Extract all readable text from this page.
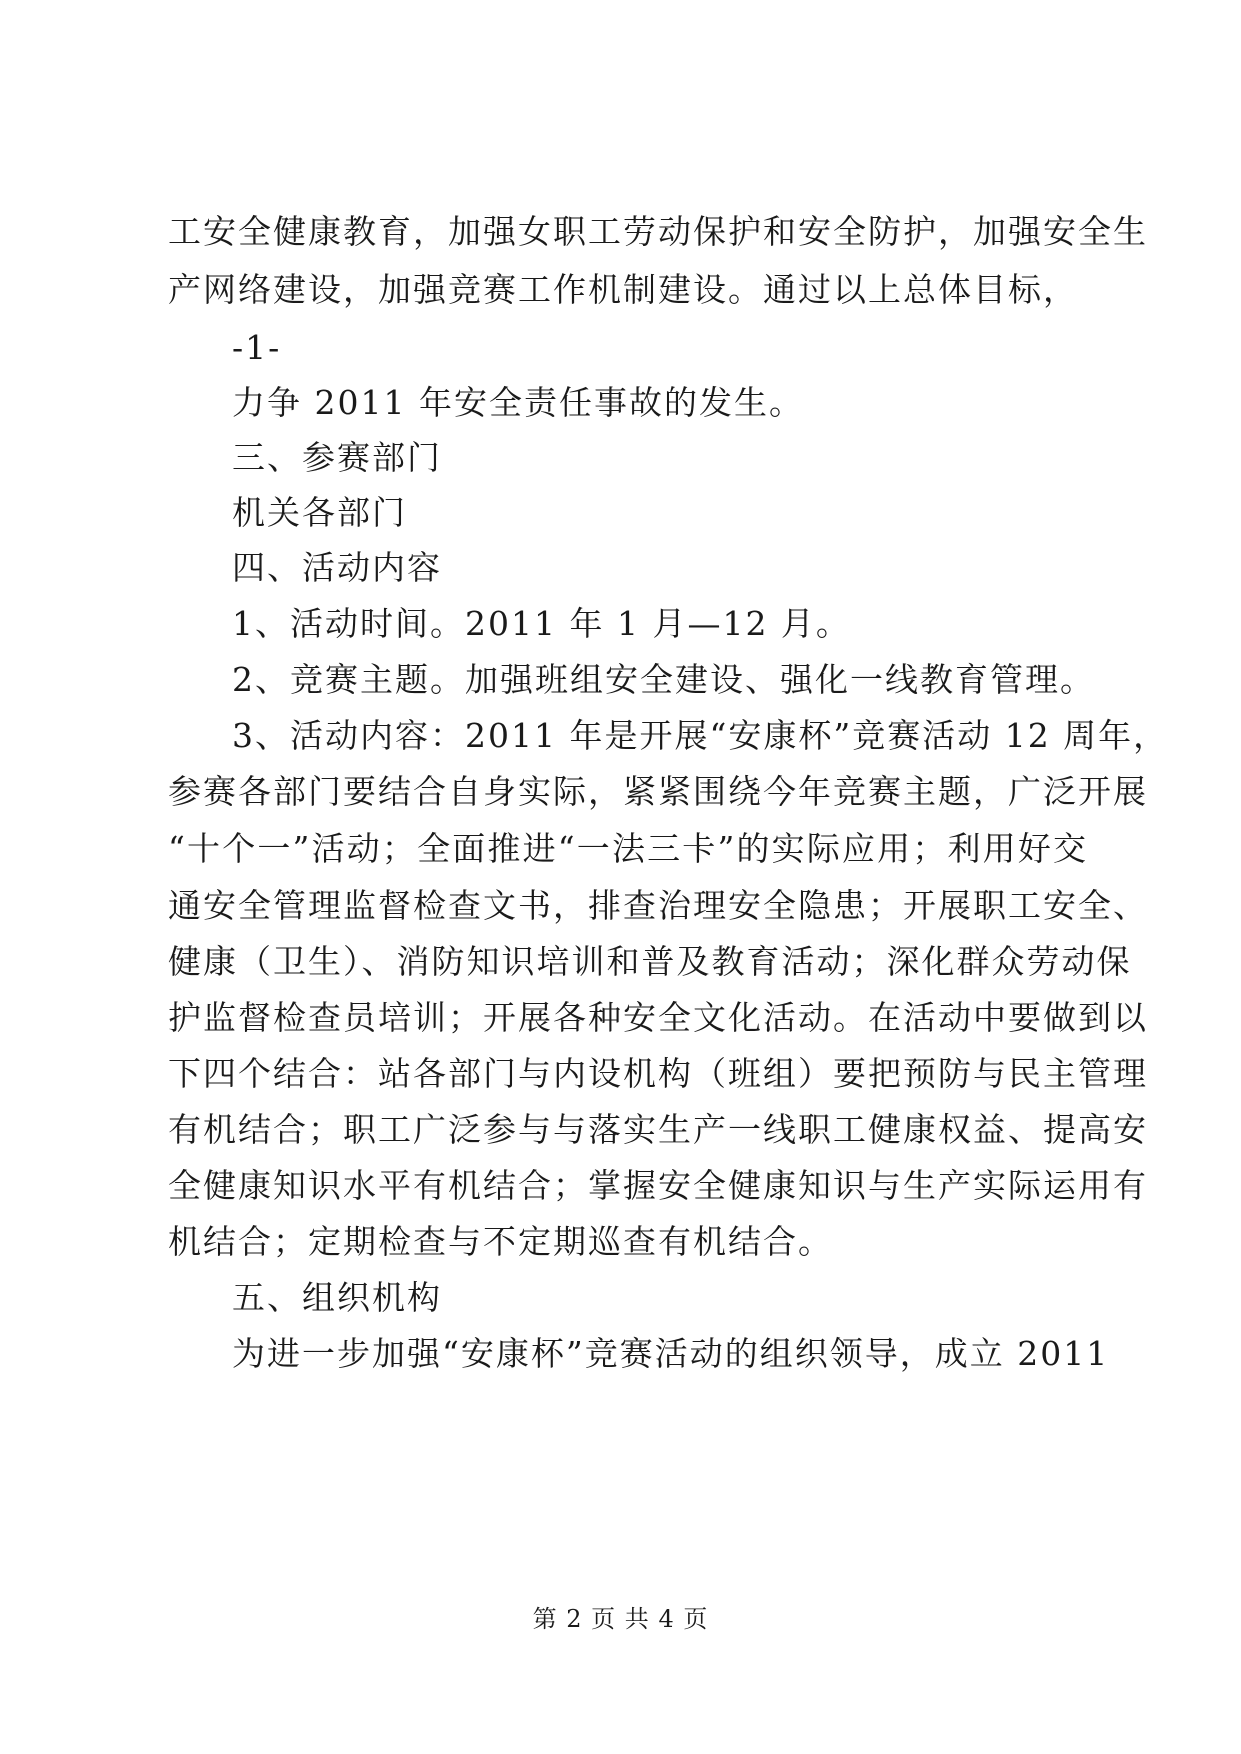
工安全健康教育，加强女职工劳动保护和安全防护，加强安全生
产网络建设，加强竞赛工作机制建设。通过以上总体目标，
-1-
力争 2011 年安全责任事故的发生。
三、参赛部门
机关各部门
四、活动内容
1、活动时间。2011 年 1 月—12 月。
2、竞赛主题。加强班组安全建设、强化一线教育管理。
3、活动内容：2011 年是开展“安康杯”竞赛活动 12 周年，
参赛各部门要结合自身实际，紧紧围绕今年竞赛主题，广泛开展
“十个一”活动；全面推进“一法三卡”的实际应用；利用好交
通安全管理监督检查文书，排查治理安全隐患；开展职工安全、
健康（卫生）、消防知识培训和普及教育活动；深化群众劳动保
护监督检查员培训；开展各种安全文化活动。在活动中要做到以
下四个结合：站各部门与内设机构（班组）要把预防与民主管理
有机结合；职工广泛参与与落实生产一线职工健康权益、提高安
全健康知识水平有机结合；掌握安全健康知识与生产实际运用有
机结合；定期检查与不定期巡查有机结合。
五、组织机构
为进一步加强“安康杯”竞赛活动的组织领导，成立 2011
第 2 页 共 4 页
